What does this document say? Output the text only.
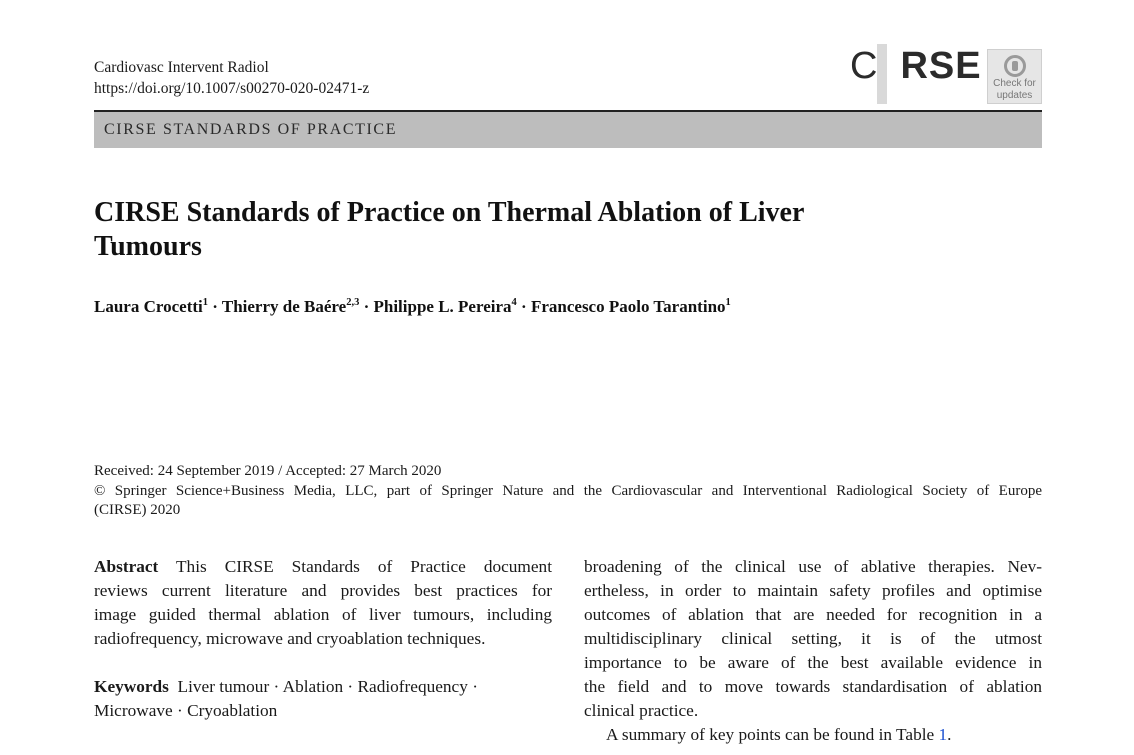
Cardiovasc Intervent Radiol
https://doi.org/10.1007/s00270-020-02471-z
C RSE	Check for
updates
CIRSE STANDARDS OF PRACTICE
CIRSE Standards of Practice on Thermal Ablation of Liver
Tumours
Laura Crocetti$^1$ · Thierry de Baére$^{2,3}$ · Philippe L. Pereira$^4$ · Francesco Paolo Tarantino$^1$
Received: 24 September 2019 / Accepted: 27 March 2020
© Springer Science+Business Media, LLC, part of Springer Nature and the Cardiovascular and Interventional Radiological Society of Europe
(CIRSE) 2020
Abstract This CIRSE Standards of Practice document
reviews current literature and provides best practices for
image guided thermal ablation of liver tumours, including
radiofrequency, microwave and cryoablation techniques.
Keywords Liver tumour · Ablation · Radiofrequency ·
Microwave · Cryoablation
broadening of the clinical use of ablative therapies. Nev-
ertheless, in order to maintain safety profiles and optimise
outcomes of ablation that are needed for recognition in a
multidisciplinary clinical setting, it is of the utmost
importance to be aware of the best available evidence in
the field and to move towards standardisation of ablation
clinical practice.
A summary of key points can be found in Table 1.
